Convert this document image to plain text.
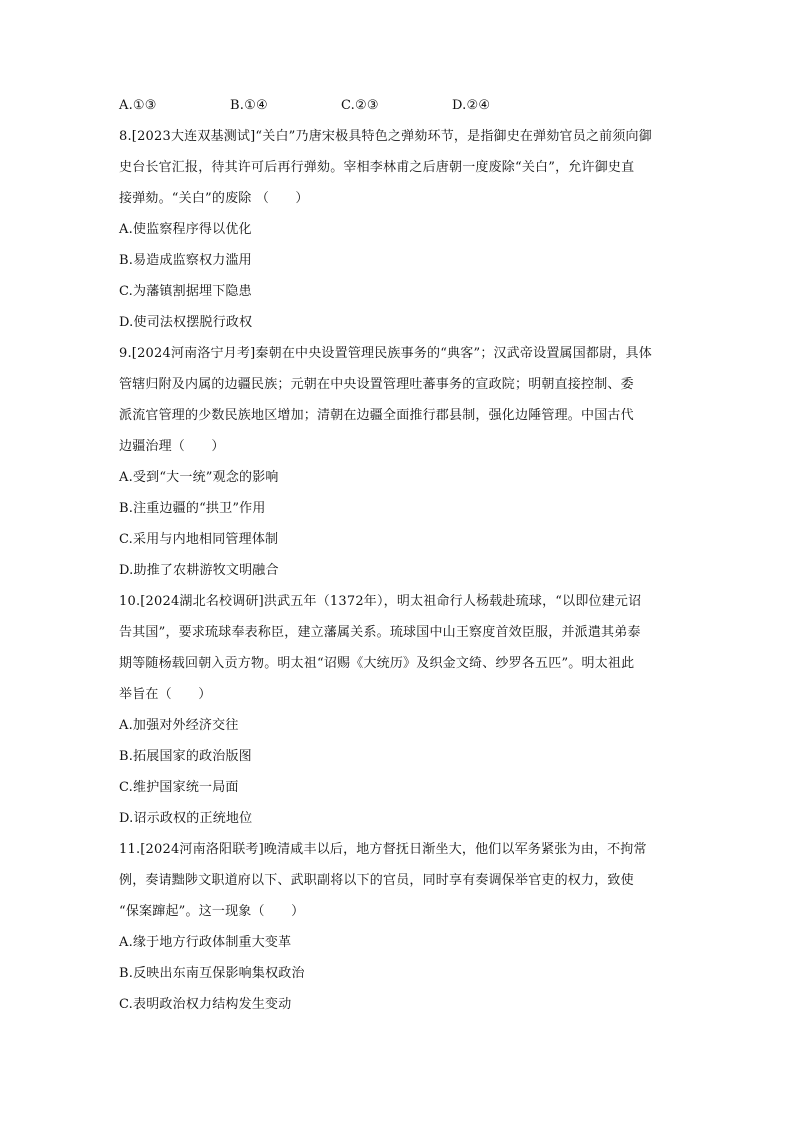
A.①③	B.①④	C.②③	D.②④
8.[2023大连双基测试]“关白”乃唐宋极具特色之弹劾环节，是指御史在弹劾官员之前须向御
史台长官汇报，待其许可后再行弹劾。宰相李林甫之后唐朝一度废除“关白”，允许御史直
接弹劾。“关白”的废除 （　　）
A.使监察程序得以优化
B.易造成监察权力滥用
C.为藩镇割据埋下隐患
D.使司法权摆脱行政权
9.[2024河南洛宁月考]秦朝在中央设置管理民族事务的“典客”；汉武帝设置属国都尉，具体
管辖归附及内属的边疆民族；元朝在中央设置管理吐蕃事务的宣政院；明朝直接控制、委
派流官管理的少数民族地区增加；清朝在边疆全面推行郡县制，强化边陲管理。中国古代
边疆治理（　　）
A.受到“大一统”观念的影响
B.注重边疆的“拱卫”作用
C.采用与内地相同管理体制
D.助推了农耕游牧文明融合
10.[2024湖北名校调研]洪武五年（1372年），明太祖命行人杨载赴琉球，“以即位建元诏
告其国”，要求琉球奉表称臣，建立藩属关系。琉球国中山王察度首效臣服，并派遣其弟泰
期等随杨载回朝入贡方物。明太祖“诏赐《大统历》及织金文绮、纱罗各五匹”。明太祖此
举旨在（　　）
A.加强对外经济交往
B.拓展国家的政治版图
C.维护国家统一局面
D.诏示政权的正统地位
11.[2024河南洛阳联考]晚清咸丰以后，地方督抚日渐坐大，他们以军务紧张为由，不拘常
例，奏请黜陟文职道府以下、武职副将以下的官员，同时享有奏调保举官吏的权力，致使
“保案蹿起”。这一现象（　　）
A.缘于地方行政体制重大变革
B.反映出东南互保影响集权政治
C.表明政治权力结构发生变动
